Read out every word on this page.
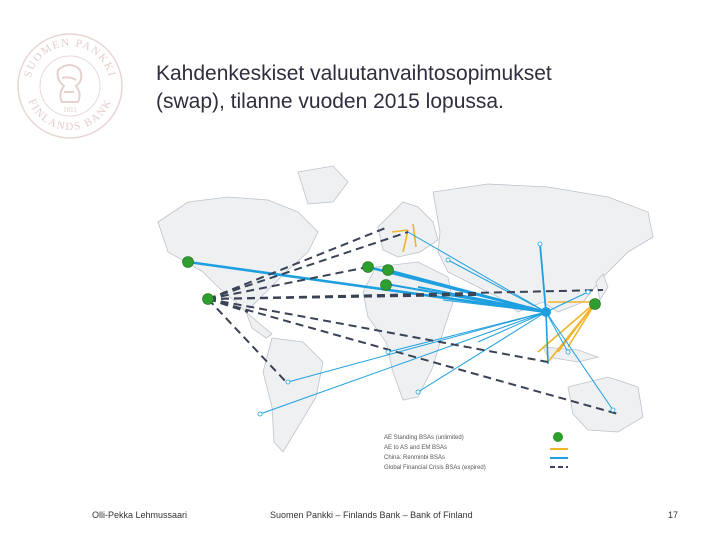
SUOMEN PANKKI
FINLANDS BANK
1811
Kahdenkeskiset valuutanvaihtosopimukset
(swap), tilanne vuoden 2015 lopussa.
AE Standing BSAs (unlimited)
AE to AS and EM BSAs
China: Renminbi BSAs
Global Financial Crisis BSAs (expired)
Olli-Pekka Lehmussaari	Suomen Pankki – Finlands Bank – Bank of Finland	17
